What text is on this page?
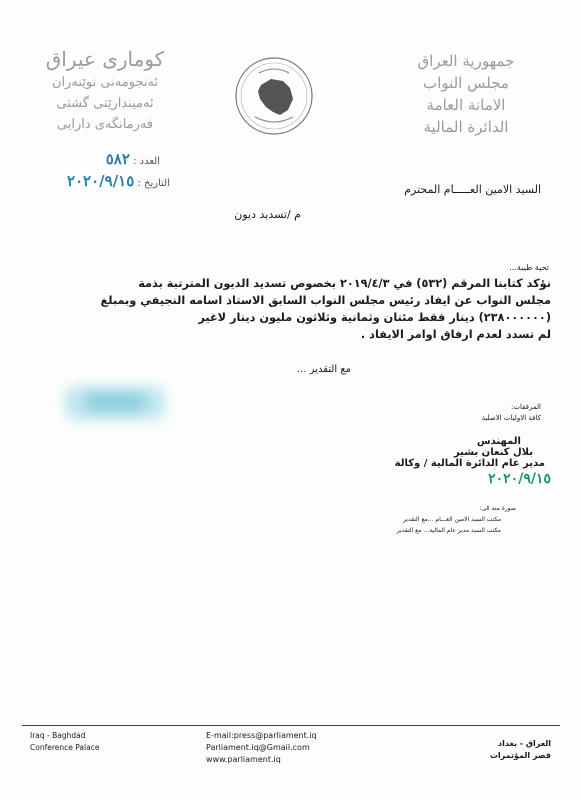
جمهورية العراق
مجلس النواب
الامانة العامة
الدائرة المالية
كوماری عیراق
ئه‌نجومه‌نی نوێنه‌ران
ئه‌میندارێتی گشتی
فه‌رمانگه‌ی دارایی
العدد : ٥٨٢
التاريخ : ٢٠٢٠/٩/١٥	السيد الامين العـــــام المحترم
م /تسديد ديون
تحية طيبة...
نؤكد كتابنا المرقم (٥٣٢) في ٢٠١٩/٤/٣ بخصوص تسديد الديون المترتبة بذمة
مجلس النواب عن ايفاد رئيس مجلس النواب السابق الاستاذ اسامه النجيفي وبمبلغ
(٢٣٨٠٠٠٠٠٠) دينار فقط مئتان وثمانية وثلاثون مليون دينار لاغير
لم تسدد لعدم ارفاق اوامر الايفاد .
مع التقدير ...
المرفقات:
كافة الاوليات الاصلية
المهندس
بلال كنعان بشير
مدير عام الدائرة المالية / وكالة
٢٠٢٠/٩/١٥
صورة منه الى:
مكتب السيد الامين العـــام ...مع التقدير
مكتب السيد مدير عام المالية... مع التقدير
Iraq - Baghdad
Conference Palace
E-mail:press@parliament.iq
Parliament.iq@Gmail.com
www.parliament.iq
العراق - بغداد
قصر المؤتمرات
